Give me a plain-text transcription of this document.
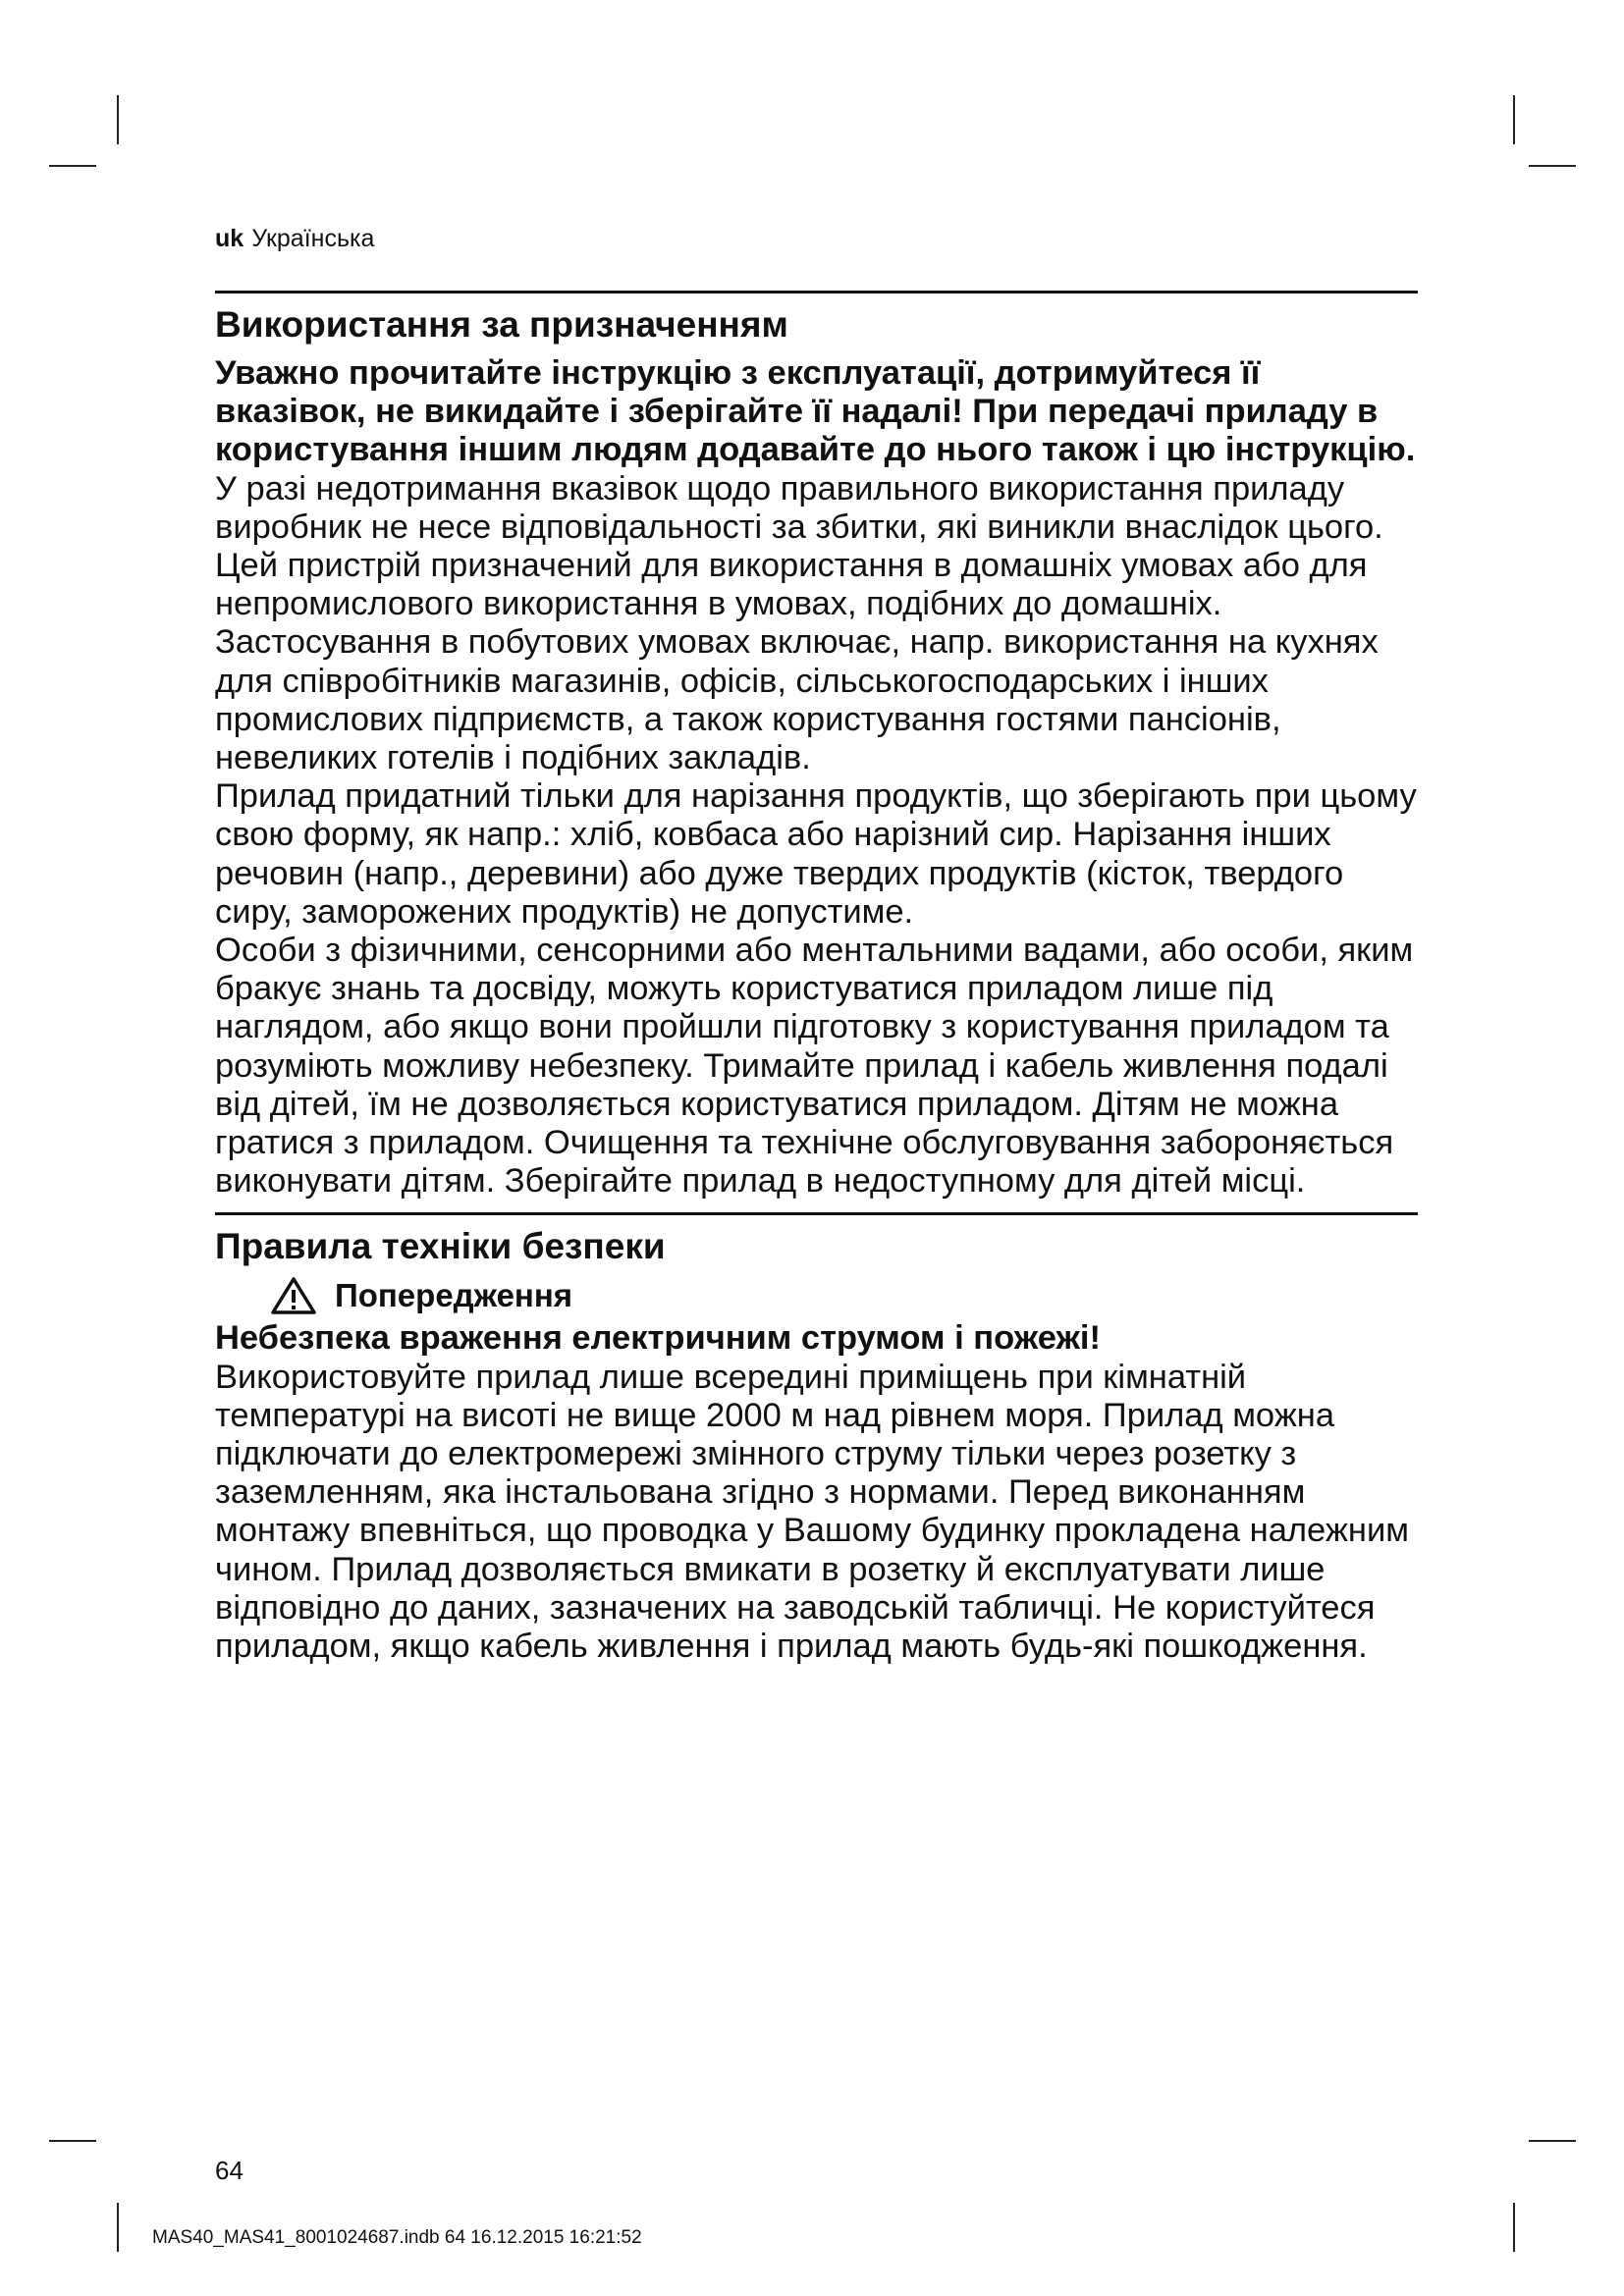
uk Українська
Використання за призначенням

Уважно прочитайте інструкцію з експлуатації, дотримуйтеся її вказівок, не викидайте і зберігайте її надалі! При передачі приладу в користування іншим людям додавайте до нього також і цю інструкцію.

У разі недотримання вказівок щодо правильного використання приладу виробник не несе відповідальності за збитки, які виникли внаслідок цього.

Цей пристрій призначений для використання в домашніх умовах або для непромислового використання в умовах, подібних до домашніх. Застосування в побутових умовах включає, напр. використання на кухнях для співробітників магазинів, офісів, сільськогосподарських і інших промислових підприємств, а також користування гостями пансіонів, невеликих готелів і подібних закладів.

Прилад придатний тільки для нарізання продуктів, що зберігають при цьому свою форму, як напр.: хліб, ковбаса або нарізний сир. Нарізання інших речовин (напр., деревини) або дуже твердих продуктів (кісток, твердого сиру, заморожених продуктів) не допустиме.

Особи з фізичними, сенсорними або ментальними вадами, або особи, яким бракує знань та досвіду, можуть користуватися приладом лише під наглядом, або якщо вони пройшли підготовку з користування приладом та розуміють можливу небезпеку. Тримайте прилад і кабель живлення подалі від дітей, їм не дозволяється користуватися приладом. Дітям не можна гратися з приладом. Очищення та технічне обслуговування забороняється виконувати дітям. Зберігайте прилад в недоступному для дітей місці.

Правила техніки безпеки
Попередження

Небезпека враження електричним струмом і пожежі!

Використовуйте прилад лише всередині приміщень при кімнатній температурі на висоті не вище 2000 м над рівнем моря. Прилад можна підключати до електромережі змінного струму тільки через розетку з заземленням, яка інстальована згідно з нормами. Перед виконанням монтажу впевніться, що проводка у Вашому будинку прокладена належним чином. Прилад дозволяється вмикати в розетку й експлуатувати лише відповідно до даних, зазначених на заводській табличці. Не користуйтеся приладом, якщо кабель живлення і прилад мають будь-які пошкодження.

64
MAS40_MAS41_8001024687.indb 64 16.12.2015 16:21:52
